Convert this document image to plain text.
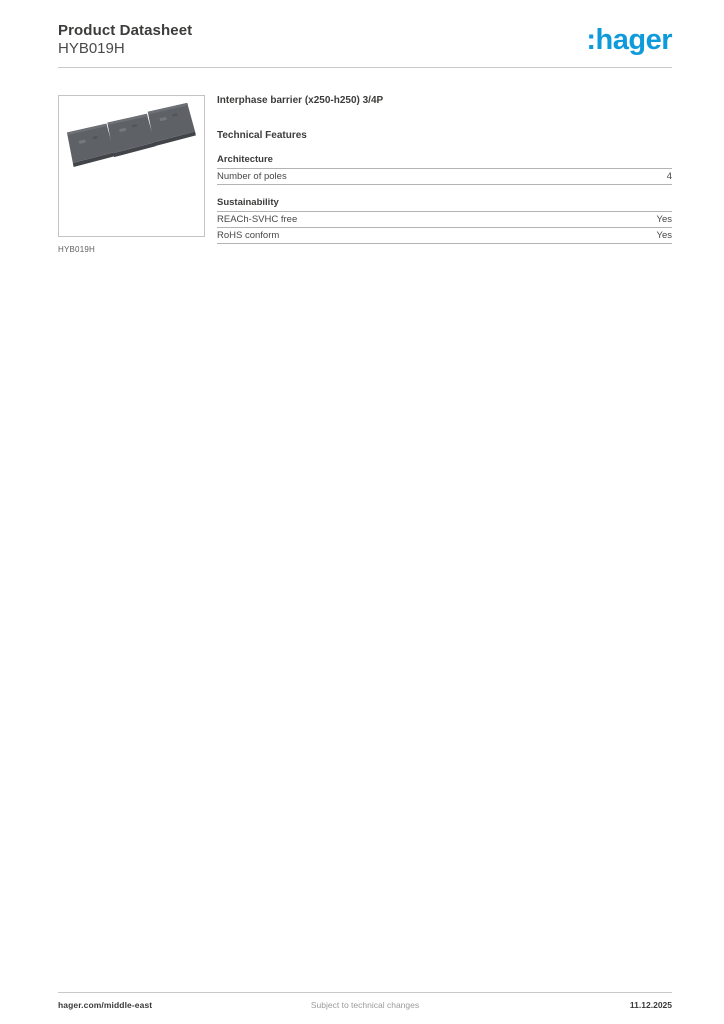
Product Datasheet
HYB019H	:hager
HYB019H
Interphase barrier (x250-h250) 3/4P
Technical Features
Architecture
Number of poles	4
Sustainability
REACh-SVHC free	Yes
RoHS conform	Yes
hager.com/middle-east	Subject to technical changes	11.12.2025
